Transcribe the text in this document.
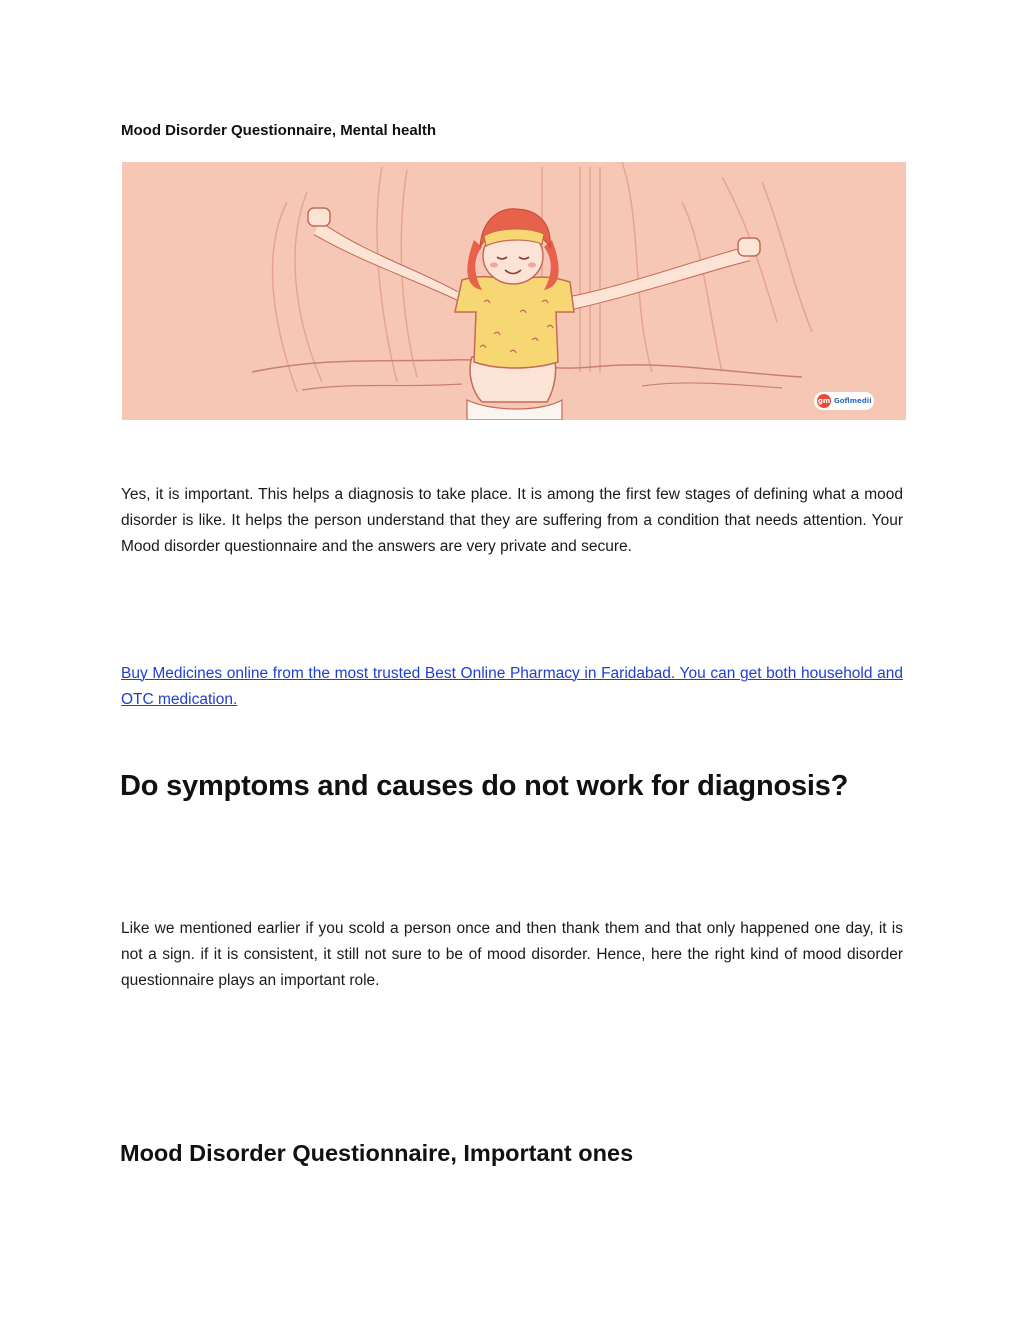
Mood Disorder Questionnaire, Mental health
gm Goflmedii
Yes, it is important. This helps a diagnosis to take place. It is among the first few stages of defining what a mood disorder is like. It helps the person understand that they are suffering from a condition that needs attention. Your Mood disorder questionnaire and the answers are very private and secure.
Buy Medicines online from the most trusted Best Online Pharmacy in Faridabad. You can get both household and OTC medication.
Do symptoms and causes do not work for diagnosis?
Like we mentioned earlier if you scold a person once and then thank them and that only happened one day, it is not a sign. if it is consistent, it still not sure to be of mood disorder. Hence, here the right kind of mood disorder questionnaire plays an important role.
Mood Disorder Questionnaire, Important ones
